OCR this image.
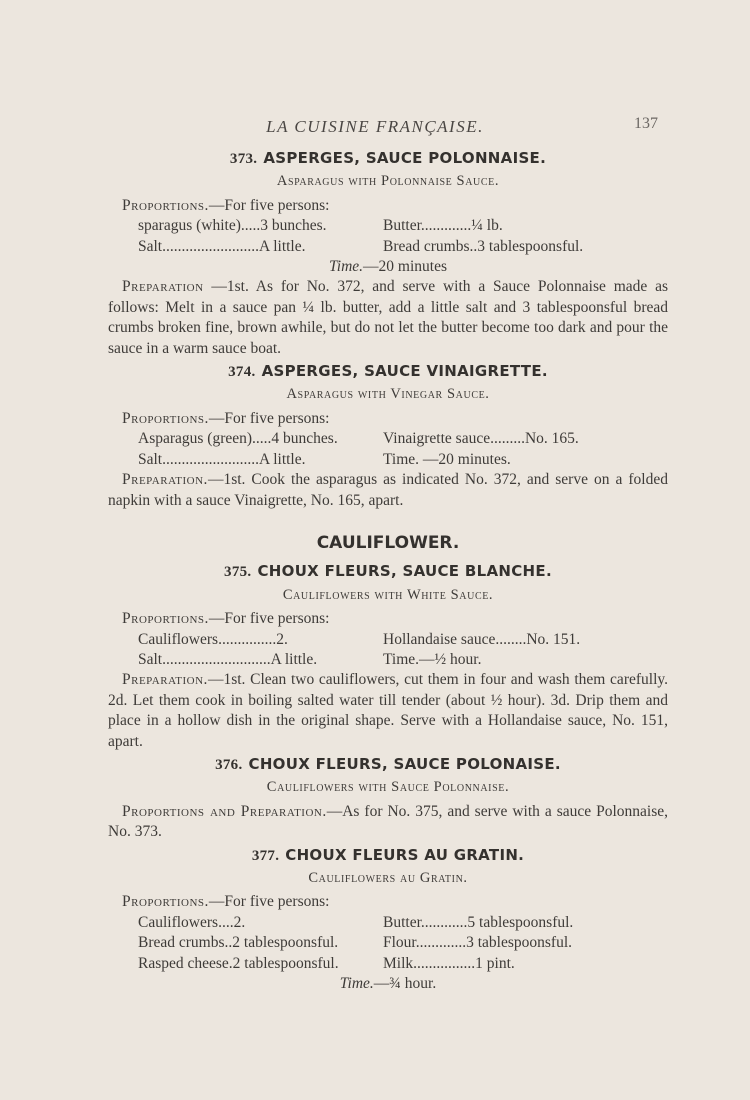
LA CUISINE FRANÇAISE.	137
373. ASPERGES, SAUCE POLONNAISE.
Asparagus with Polonnaise Sauce.
Proportions.—For five persons:
sparagus (white).....3 bunches.	Butter.............¼ lb.
Salt.........................A little.	Bread crumbs..3 tablespoonsful.
Time.—20 minutes
Preparation —1st. As for No. 372, and serve with a Sauce Polonnaise made as follows: Melt in a sauce pan ¼ lb. butter, add a little salt and 3 tablespoonsful bread crumbs broken fine, brown awhile, but do not let the butter become too dark and pour the sauce in a warm sauce boat.
374. ASPERGES, SAUCE VINAIGRETTE.
Asparagus with Vinegar Sauce.
Proportions.—For five persons:
Asparagus (green).....4 bunches.	Vinaigrette sauce.........No. 165.
Salt.........................A little.	Time. —20 minutes.
Preparation.—1st. Cook the asparagus as indicated No. 372, and serve on a folded napkin with a sauce Vinaigrette, No. 165, apart.
CAULIFLOWER.
375. CHOUX FLEURS, SAUCE BLANCHE.
Cauliflowers with White Sauce.
Proportions.—For five persons:
Cauliflowers...............2.	Hollandaise sauce........No. 151.
Salt............................A little.	Time.—½ hour.
Preparation.—1st. Clean two cauliflowers, cut them in four and wash them carefully. 2d. Let them cook in boiling salted water till tender (about ½ hour). 3d. Drip them and place in a hollow dish in the original shape. Serve with a Hollandaise sauce, No. 151, apart.
376. CHOUX FLEURS, SAUCE POLONAISE.
Cauliflowers with Sauce Polonnaise.
Proportions and Preparation.—As for No. 375, and serve with a sauce Polonnaise, No. 373.
377. CHOUX FLEURS AU GRATIN.
Cauliflowers au Gratin.
Proportions.—For five persons:
Cauliflowers....2.	Butter............5 tablespoonsful.
Bread crumbs..2 tablespoonsful.	Flour.............3 tablespoonsful.
Rasped cheese.2 tablespoonsful.	Milk................1 pint.
Time.—¾ hour.
